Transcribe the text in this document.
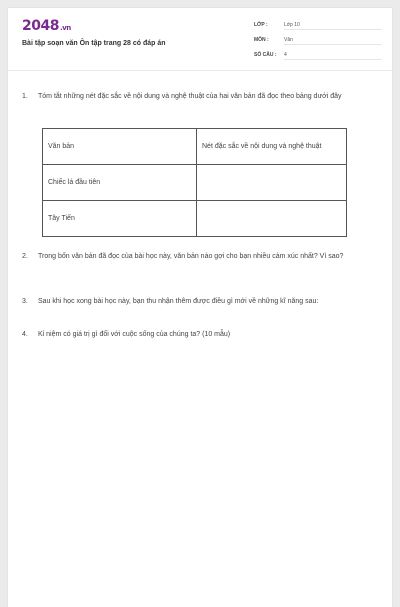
2048.vn
Bài tập soạn văn Ôn tập trang 28 có đáp án
LỚP :	Lớp 10
MÔN :	Văn
SỐ CÂU : 4
1. Tóm tắt những nét đặc sắc về nội dung và nghệ thuật của hai văn bản đã đọc theo bảng dưới đây
Văn bản	Nét đặc sắc về nội dung và nghệ thuật
Chiếc lá đầu tiên	
Tây Tiến	
2. Trong bốn văn bản đã đọc của bài học này, văn bản nào gợi cho bạn nhiều cảm xúc nhất? Vì sao?
3. Sau khi học xong bài học này, bạn thu nhận thêm được điều gì mới về những kĩ năng sau:
4. Kỉ niệm có giá trị gì đối với cuộc sống của chúng ta? (10 mẫu)
